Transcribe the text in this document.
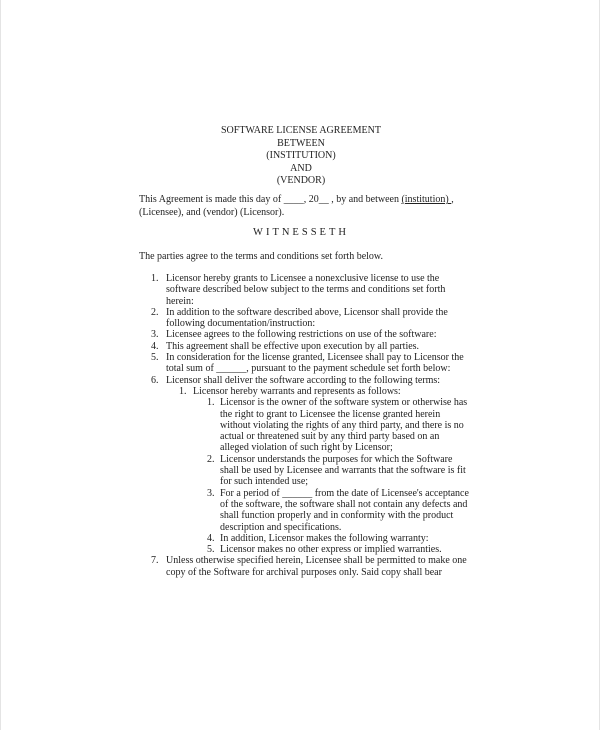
SOFTWARE LICENSE AGREEMENT
BETWEEN
(INSTITUTION)
AND
(VENDOR)
This Agreement is made this day of ____, 20__ , by and between (institution) , (Licensee), and (vendor) (Licensor).
WITNESSETH
The parties agree to the terms and conditions set forth below.
1. Licensor hereby grants to Licensee a nonexclusive license to use the software described below subject to the terms and conditions set forth herein:
2. In addition to the software described above, Licensor shall provide the following documentation/instruction:
3. Licensee agrees to the following restrictions on use of the software:
4. This agreement shall be effective upon execution by all parties.
5. In consideration for the license granted, Licensee shall pay to Licensor the total sum of ______, pursuant to the payment schedule set forth below:
6. Licensor shall deliver the software according to the following terms:
1. Licensor hereby warrants and represents as follows:
1. Licensor is the owner of the software system or otherwise has the right to grant to Licensee the license granted herein without violating the rights of any third party, and there is no actual or threatened suit by any third party based on an alleged violation of such right by Licensor;
2. Licensor understands the purposes for which the Software shall be used by Licensee and warrants that the software is fit for such intended use;
3. For a period of ______ from the date of Licensee's acceptance of the software, the software shall not contain any defects and shall function properly and in conformity with the product description and specifications.
4. In addition, Licensor makes the following warranty:
5. Licensor makes no other express or implied warranties.
7. Unless otherwise specified herein, Licensee shall be permitted to make one copy of the Software for archival purposes only. Said copy shall bear
